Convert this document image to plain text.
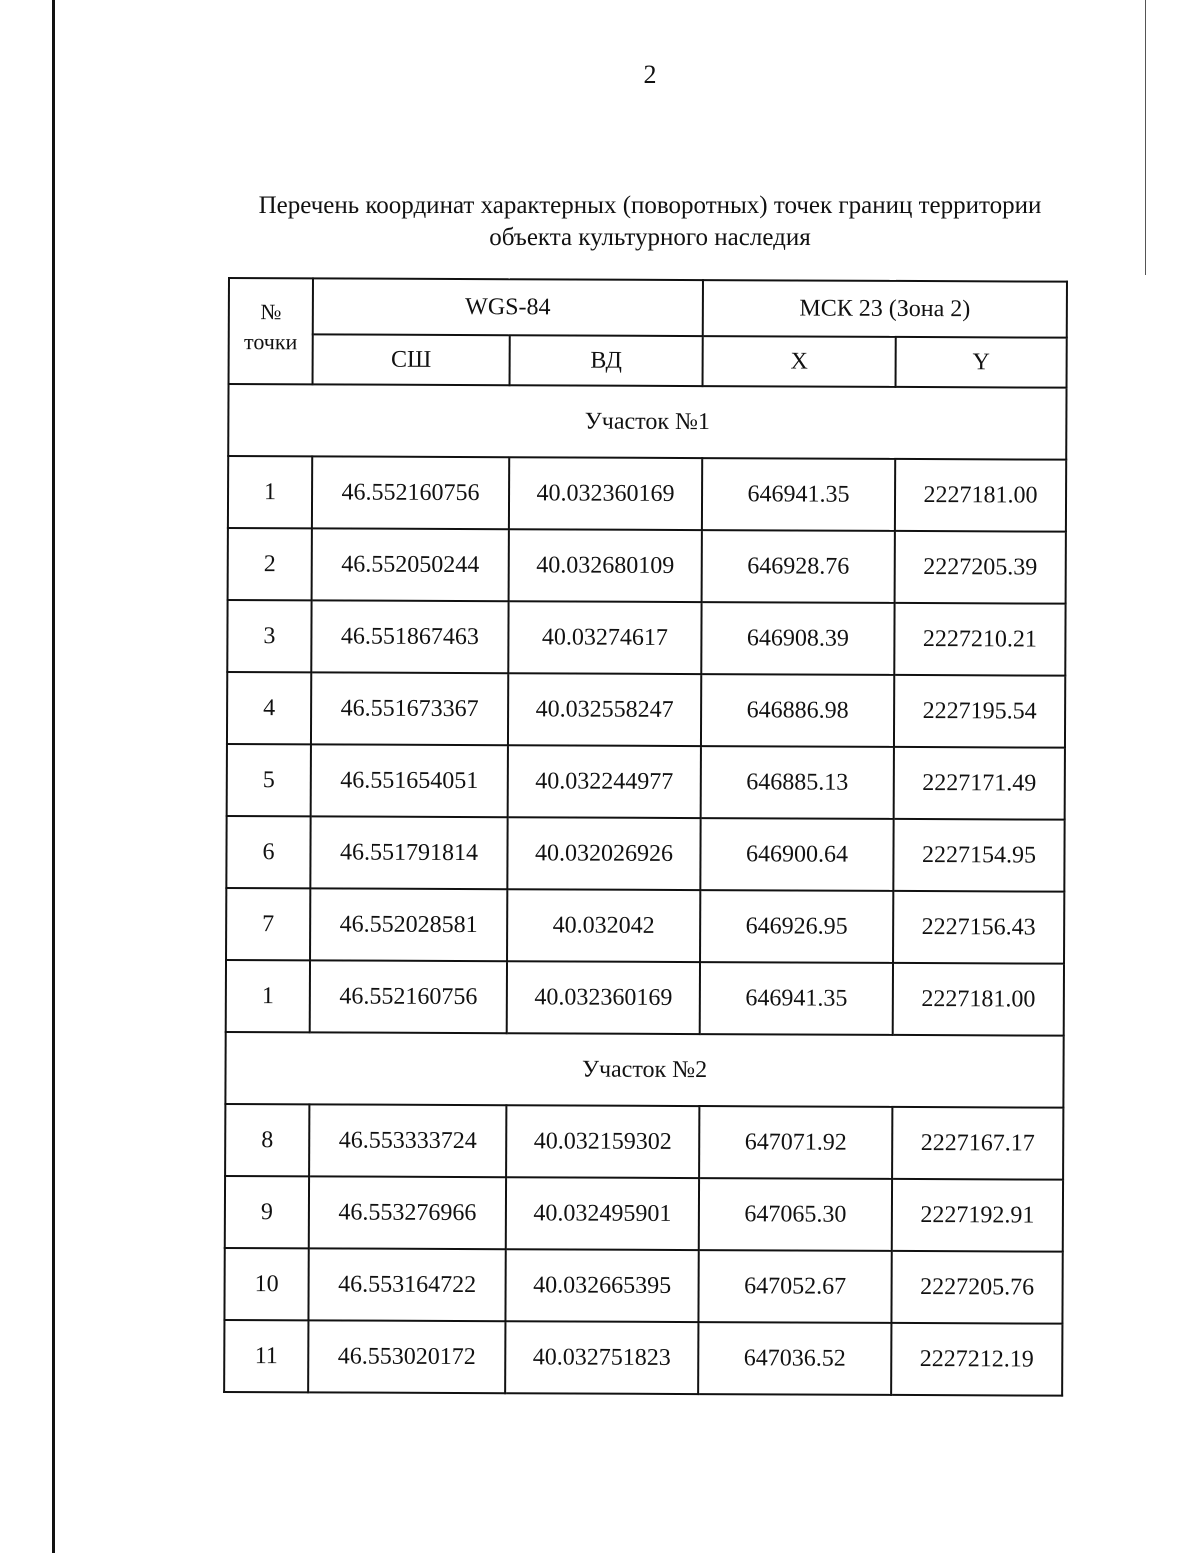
2
Перечень координат характерных (поворотных) точек границ территории
объекта культурного наследия
№
точки	WGS-84		МСК 23 (Зона 2)	
	СШ	ВД	X	Y
Участок №1				
1	46.552160756	40.032360169	646941.35	2227181.00
2	46.552050244	40.032680109	646928.76	2227205.39
3	46.551867463	40.03274617	646908.39	2227210.21
4	46.551673367	40.032558247	646886.98	2227195.54
5	46.551654051	40.032244977	646885.13	2227171.49
6	46.551791814	40.032026926	646900.64	2227154.95
7	46.552028581	40.032042	646926.95	2227156.43
1	46.552160756	40.032360169	646941.35	2227181.00
Участок №2				
8	46.553333724	40.032159302	647071.92	2227167.17
9	46.553276966	40.032495901	647065.30	2227192.91
10	46.553164722	40.032665395	647052.67	2227205.76
11	46.553020172	40.032751823	647036.52	2227212.19
